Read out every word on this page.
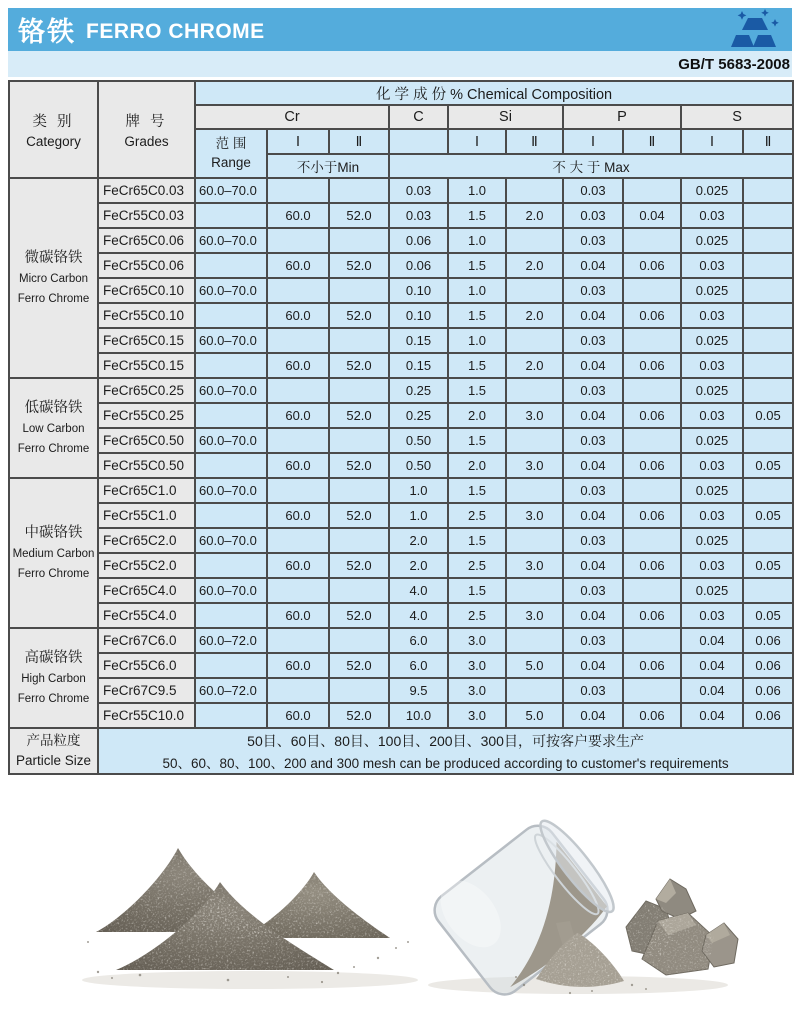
铬铁 FERRO CHROME
GB/T 5683-2008
类 别
Category

牌 号
Grades
	化 学 成 份 % Chemical Composition
		Cr			C	Si		P		S	

		范 围
Range	Ⅰ	Ⅱ		Ⅰ	Ⅱ	Ⅰ	Ⅱ	Ⅰ	Ⅱ
			不小于Min		不 大 于 Max						

微碳铬铁
Micro Carbon
Ferro Chrome	FeCr65C0.03	60.0–70.0			0.03	1.0		0.03		0.025	
	FeCr55C0.03		60.0	52.0	0.03	1.5	2.0	0.03	0.04	0.03	
	FeCr65C0.06	60.0–70.0			0.06	1.0		0.03		0.025	
	FeCr55C0.06		60.0	52.0	0.06	1.5	2.0	0.04	0.06	0.03	
	FeCr65C0.10	60.0–70.0			0.10	1.0		0.03		0.025	
	FeCr55C0.10		60.0	52.0	0.10	1.5	2.0	0.04	0.06	0.03	
	FeCr65C0.15	60.0–70.0			0.15	1.0		0.03		0.025	
	FeCr55C0.15		60.0	52.0	0.15	1.5	2.0	0.04	0.06	0.03	

低碳铬铁
Low Carbon
Ferro Chrome	FeCr65C0.25	60.0–70.0			0.25	1.5		0.03		0.025	
	FeCr55C0.25		60.0	52.0	0.25	2.0	3.0	0.04	0.06	0.03	0.05
	FeCr65C0.50	60.0–70.0			0.50	1.5		0.03		0.025	
	FeCr55C0.50		60.0	52.0	0.50	2.0	3.0	0.04	0.06	0.03	0.05

中碳铬铁
Medium Carbon
Ferro Chrome	FeCr65C1.0	60.0–70.0			1.0	1.5		0.03		0.025	
	FeCr55C1.0		60.0	52.0	1.0	2.5	3.0	0.04	0.06	0.03	0.05
	FeCr65C2.0	60.0–70.0			2.0	1.5		0.03		0.025	
	FeCr55C2.0		60.0	52.0	2.0	2.5	3.0	0.04	0.06	0.03	0.05
	FeCr65C4.0	60.0–70.0			4.0	1.5		0.03		0.025	
	FeCr55C4.0		60.0	52.0	4.0	2.5	3.0	0.04	0.06	0.03	0.05

高碳铬铁
High Carbon
Ferro Chrome	FeCr67C6.0	60.0–72.0			6.0	3.0		0.03		0.04	0.06
	FeCr55C6.0		60.0	52.0	6.0	3.0	5.0	0.04	0.06	0.04	0.06
	FeCr67C9.5	60.0–72.0			9.5	3.0		0.03		0.04	0.06
	FeCr55C10.0		60.0	52.0	10.0	3.0	5.0	0.04	0.06	0.04	0.06

产品粒度
Particle Size

50目、60目、80目、100目、200目、300目，可按客户要求生产
50、60、80、100、200 and 300 mesh can be produced according to customer's requirements
